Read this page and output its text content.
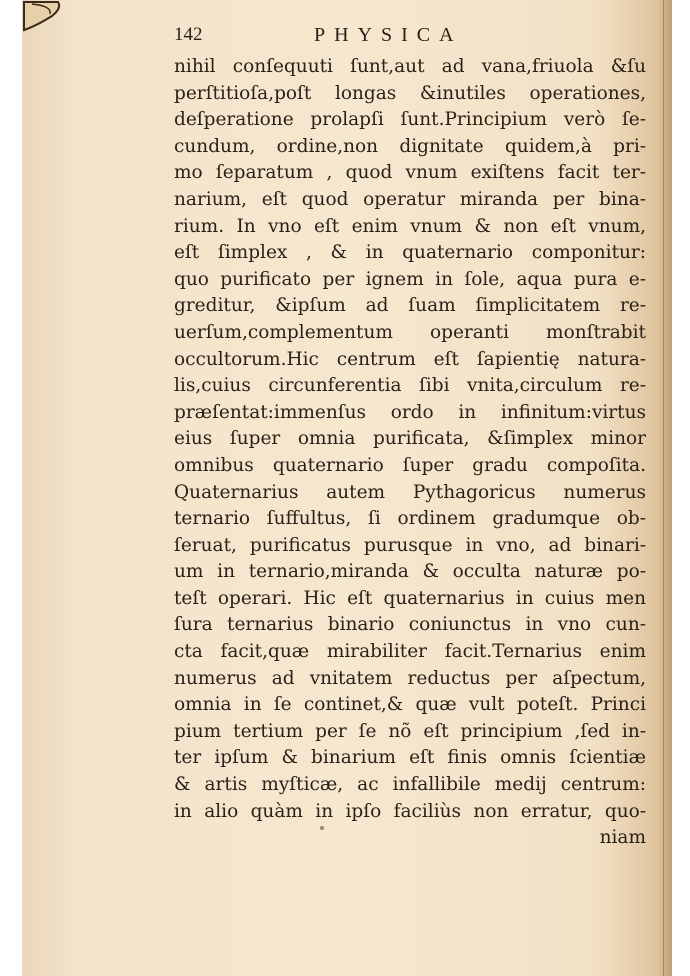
142	PHYSICA
nihil conſequuti ſunt,aut ad vana,friuola &ſu
perſtitioſa,poſt longas &inutiles operationes,
deſperatione prolapſi ſunt.Principium verò ſe-
cundum, ordine,non dignitate quidem,à pri-
mo ſeparatum , quod vnum exiſtens facit ter-
narium, eſt quod operatur miranda per bina-
rium. In vno eſt enim vnum & non eſt vnum,
eſt ſimplex , & in quaternario componitur:
quo purificato per ignem in ſole, aqua pura e-
greditur, &ipſum ad ſuam ſimplicitatem re-
uerſum,complementum operanti monſtrabit
occultorum.Hic centrum eſt ſapientię natura-
lis,cuius circunferentia ſibi vnita,circulum re-
præſentat:immenſus ordo in infinitum:virtus
eius ſuper omnia purificata, &ſimplex minor
omnibus quaternario ſuper gradu compoſita.
Quaternarius autem Pythagoricus numerus
ternario ſuffultus, ſi ordinem gradumque ob-
ſeruat, purificatus purusque in vno, ad binari-
um in ternario,miranda & occulta naturæ po-
teſt operari. Hic eſt quaternarius in cuius men
ſura ternarius binario coniunctus in vno cun-
cta facit,quæ mirabiliter facit.Ternarius enim
numerus ad vnitatem reductus per aſpectum,
omnia in ſe continet,& quæ vult poteſt. Princi
pium tertium per ſe nõ eſt principium ,ſed in-
ter ipſum & binarium eſt finis omnis ſcientiæ
& artis myſticæ, ac infallibile medij centrum:
in alio quàm in ipſo faciliùs non erratur, quo-
niam
